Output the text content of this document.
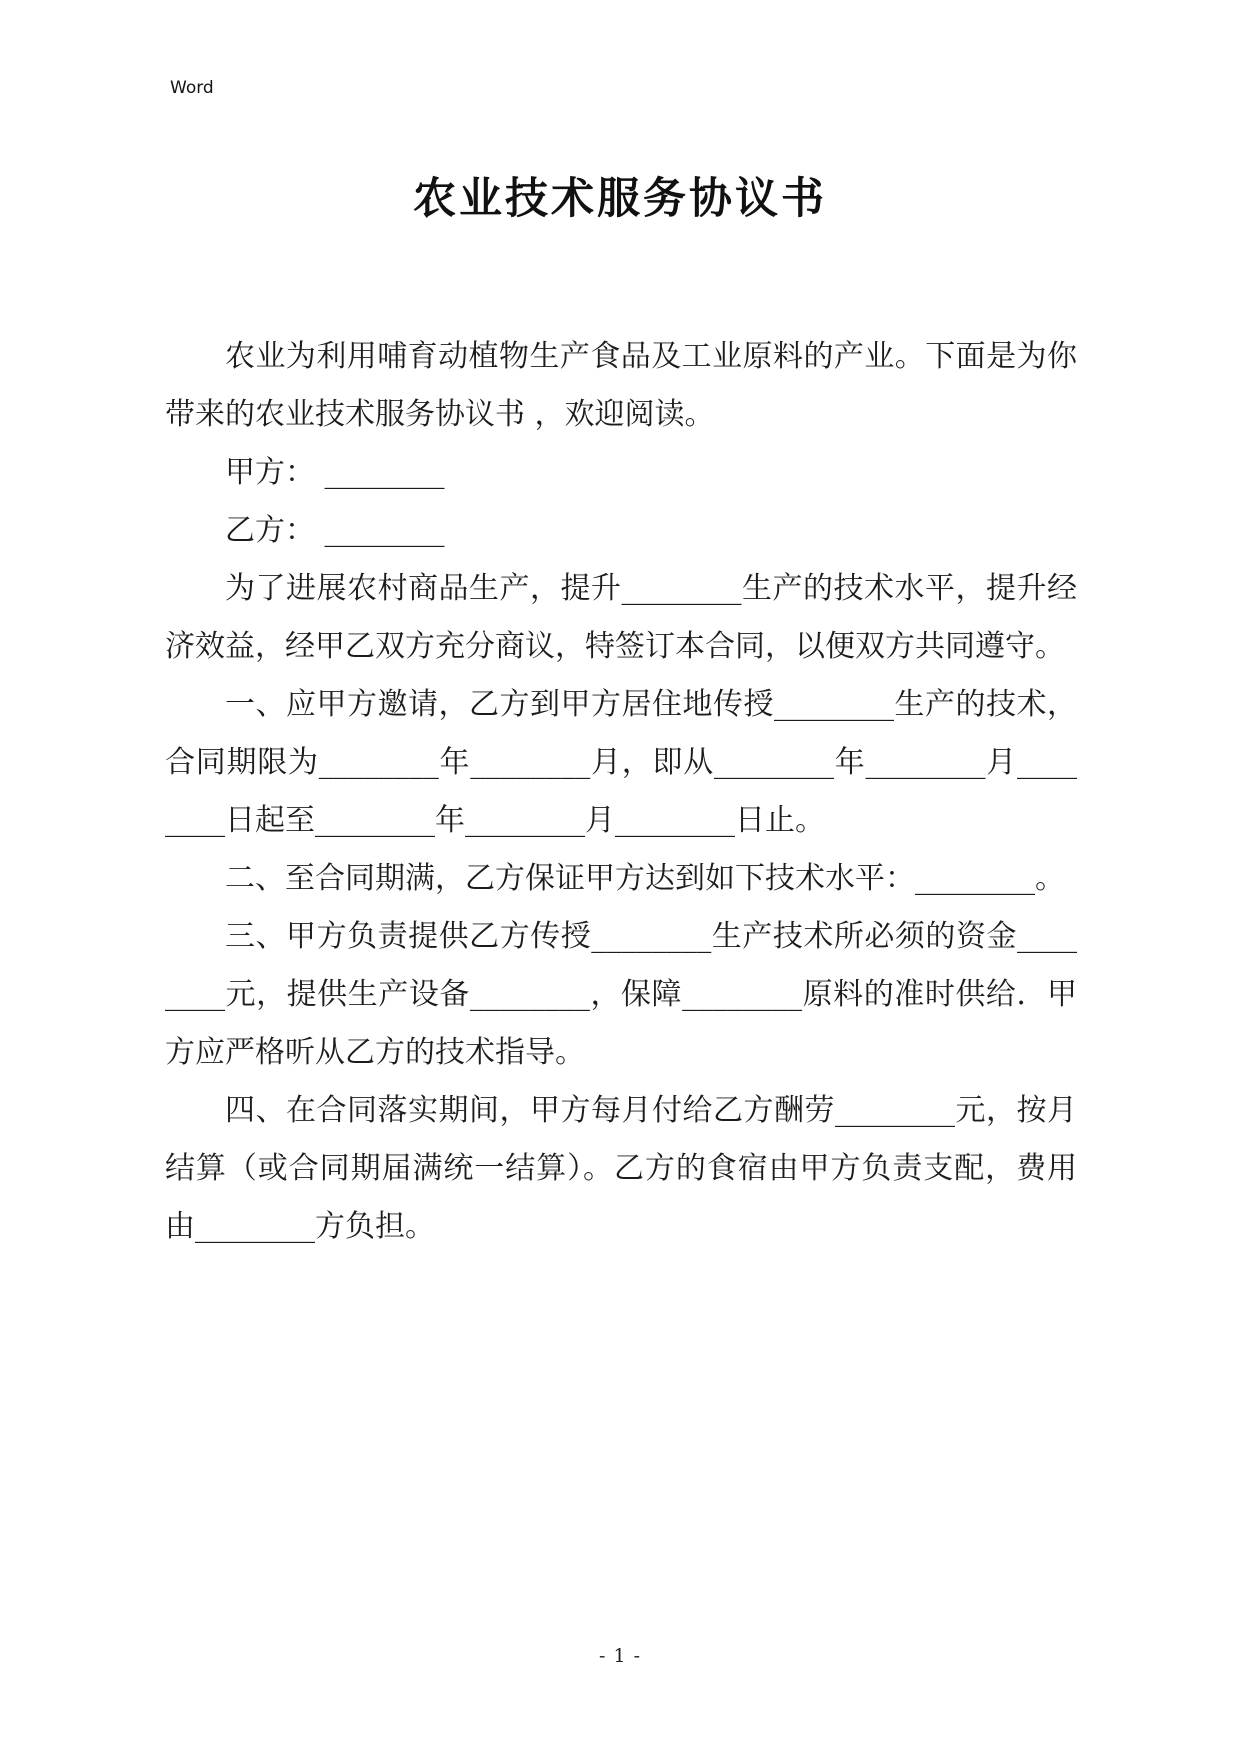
Word
农业技术服务协议书

农业为利用哺育动植物生产食品及工业原料的产业。下面是为你带来的农业技术服务协议书 ，欢迎阅读。

甲方： ________

乙方： ________

为了进展农村商品生产，提升________生产的技术水平，提升经济效益，经甲乙双方充分商议，特签订本合同，以便双方共同遵守。

一、应甲方邀请，乙方到甲方居住地传授________生产的技术，合同期限为________年________月，即从________年________月________日起至________年________月________日止。

二、至合同期满，乙方保证甲方达到如下技术水平：________。

三、甲方负责提供乙方传授________生产技术所必须的资金________元，提供生产设备________，保障________原料的准时供给．甲方应严格听从乙方的技术指导。

四、在合同落实期间，甲方每月付给乙方酬劳________元，按月结算（或合同期届满统一结算）。乙方的食宿由甲方负责支配，费用由________方负担。

- 1 -
